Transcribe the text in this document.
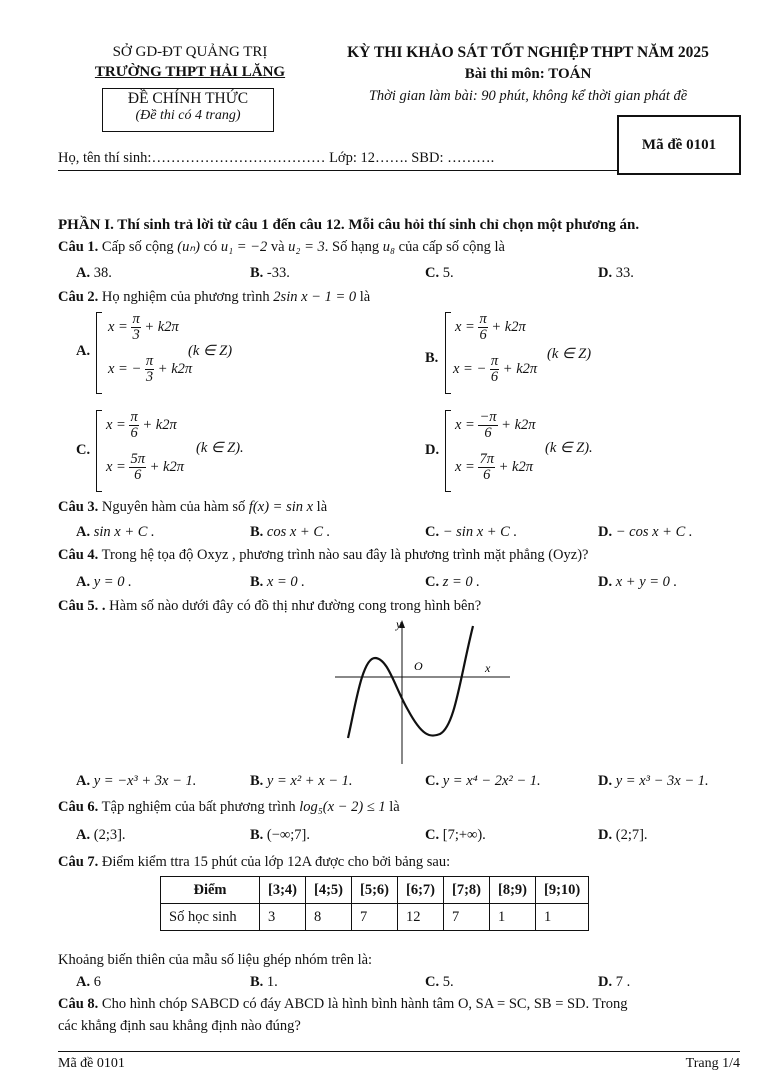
SỞ GD-ĐT QUẢNG TRỊ
TRƯỜNG THPT HẢI LĂNG
ĐỀ CHÍNH THỨC
(Đề thi có 4 trang)
KỲ THI KHẢO SÁT TỐT NGHIỆP THPT NĂM 2025
Bài thi môn: TOÁN
Thời gian làm bài: 90 phút, không kể thời gian phát đề
Mã đề 0101
Họ, tên thí sinh:……………………………… Lớp: 12……. SBD: ……….
PHẦN I. Thí sinh trả lời từ câu 1 đến câu 12. Mỗi câu hỏi thí sinh chỉ chọn một phương án.
Câu 1. Cấp số cộng (uₙ) có u₁ = −2 và u₂ = 3. Số hạng u₈ của cấp số cộng là
A. 38.	B. -33.	C. 5.	D. 33.
Câu 2. Họ nghiệm của phương trình 2sin x − 1 = 0 là
A.
$x = \frac{\pi}{3} + k2\pi$
x = − $\frac{\pi}{3} + k2\pi$
(k ∈ Z)	B.
$x = \frac{\pi}{6} + k2\pi$
x = − $\frac{\pi}{6} + k2\pi$
(k ∈ Z)
C.
$x = \frac{\pi}{6} + k2\pi$
$x = \frac{5\pi}{6} + k2\pi$
(k ∈ Z).	D.
$x = \frac{-\pi}{6} + k2\pi$
$x = \frac{7\pi}{6} + k2\pi$
(k ∈ Z).
Câu 3. Nguyên hàm của hàm số f(x) = sin x là
A. sin x + C .	B. cos x + C .	C. − sin x + C .	D. − cos x + C .
Câu 4. Trong hệ tọa độ Oxyz , phương trình nào sau đây là phương trình mặt phẳng (Oyz)?
A. y = 0 .	B. x = 0 .	C. z = 0 .	D. x + y = 0 .
Câu 5. . Hàm số nào dưới đây có đồ thị như đường cong trong hình bên?
y
O	x
A. y = −x³ + 3x − 1.	B. y = x² + x − 1.	C. y = x⁴ − 2x² − 1.	D. y = x³ − 3x − 1.
Câu 6. Tập nghiệm của bất phương trình log₅(x − 2) ≤ 1 là
A. (2;3].	B. (−∞;7].	C. [7;+∞).	D. (2;7].
Câu 7. Điểm kiểm ttra 15 phút của lớp 12A được cho bởi bảng sau:
Điểm	[3;4)	[4;5)	[5;6)	[6;7)	[7;8)	[8;9)	[9;10)
Số học sinh	3	8	7	12	7	1	1
Khoảng biến thiên của mẫu số liệu ghép nhóm trên là:
A. 6	B. 1.	C. 5.	D. 7 .
Câu 8. Cho hình chóp SABCD có đáy ABCD là hình bình hành tâm O, SA = SC, SB = SD. Trong
các khẳng định sau khẳng định nào đúng?
Mã đề 0101	Trang 1/4
